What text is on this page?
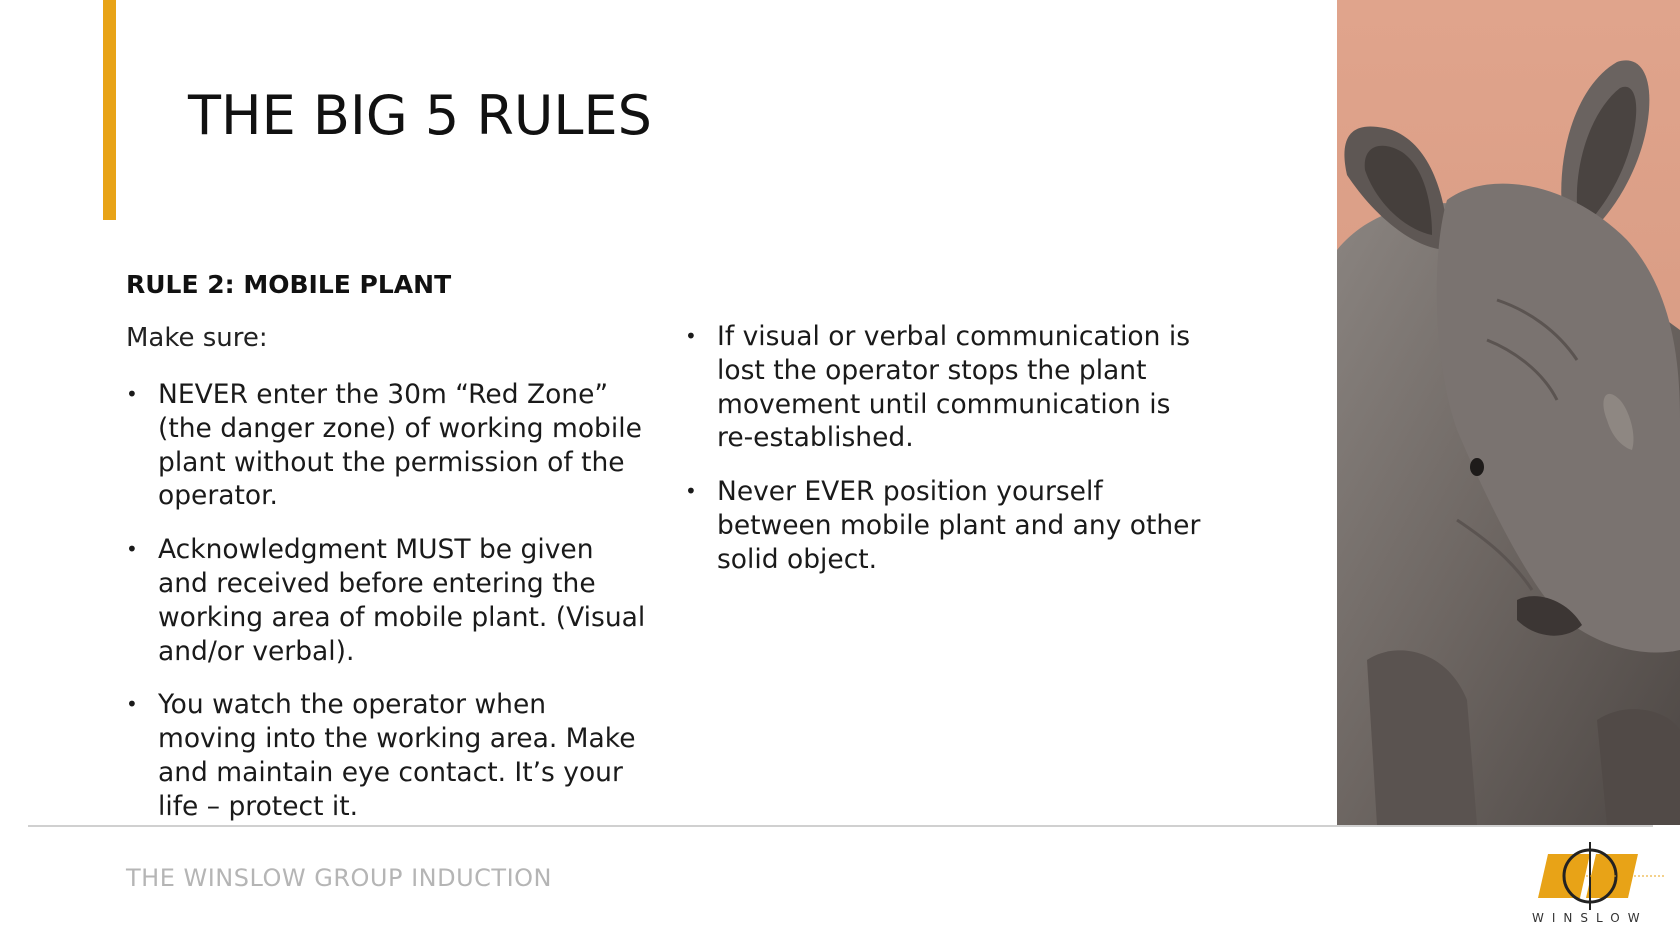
THE BIG 5 RULES
RULE 2: MOBILE PLANT
Make sure:
• NEVER enter the 30m “Red Zone” (the danger zone) of working mobile plant without the permission of the operator.
• Acknowledgment MUST be given and received before entering the working area of mobile plant. (Visual and/or verbal).
• You watch the operator when moving into the working area. Make and maintain eye contact. It’s your life – protect it.
• If visual or verbal communication is lost the operator stops the plant movement until communication is re-established.
• Never EVER position yourself between mobile plant and any other solid object.
THE WINSLOW GROUP INDUCTION
WINSLOW
